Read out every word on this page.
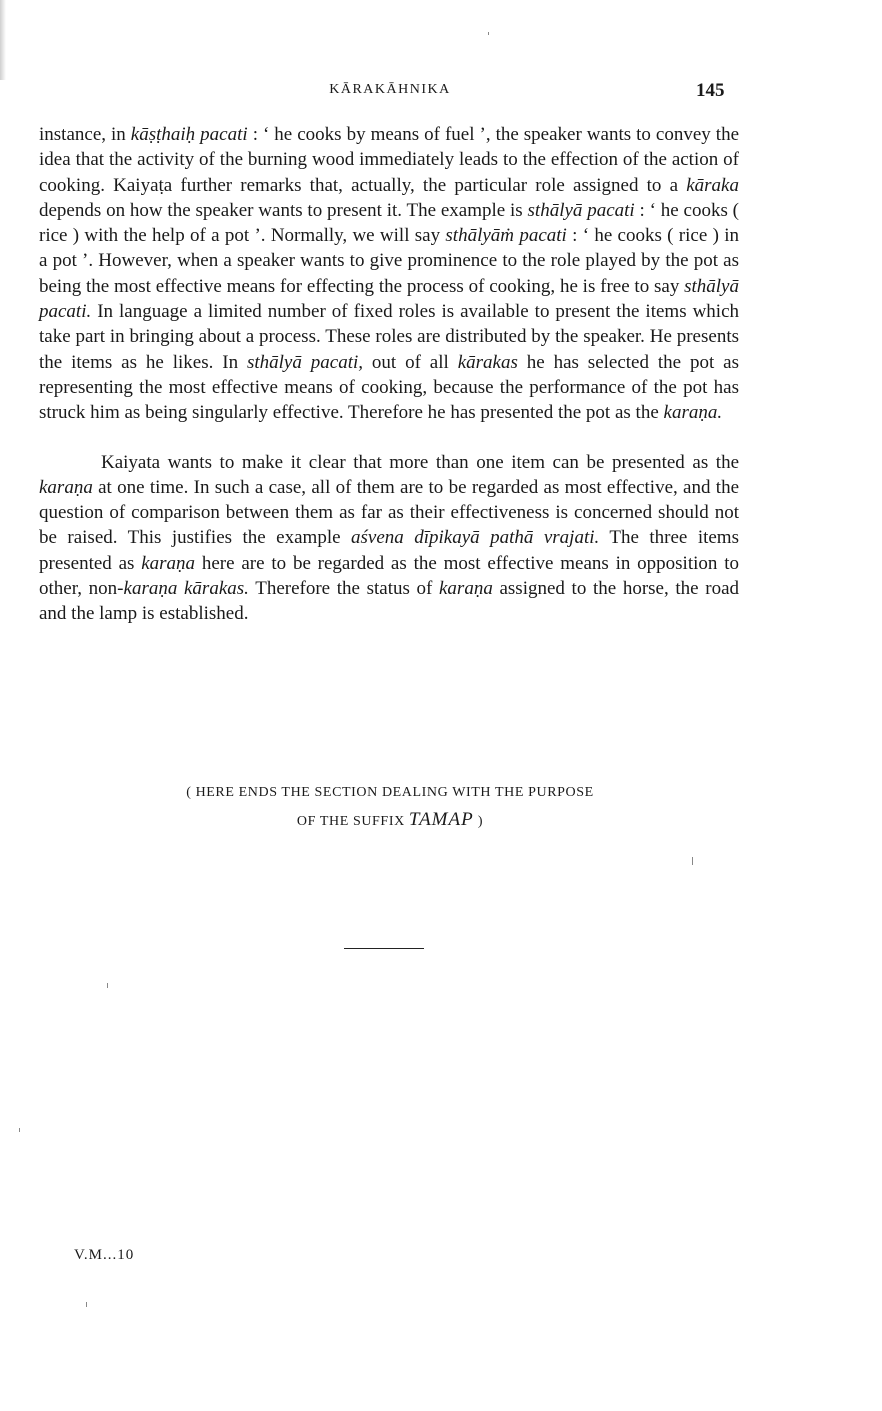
KĀRAKĀHNIKA	145

instance, in kāṣṭhaiḥ pacati : ‘ he cooks by means of fuel ’, the speaker wants to convey the idea that the activity of the burning wood immediately leads to the effection of the action of cooking. Kaiyaṭa further remarks that, actually, the particular role assigned to a kāraka depends on how the speaker wants to present it. The example is sthālyā pacati : ‘ he cooks ( rice ) with the help of a pot ’. Normally, we will say sthālyāṁ pacati : ‘ he cooks ( rice ) in a pot ’. However, when a speaker wants to give prominence to the role played by the pot as being the most effective means for effecting the process of cooking, he is free to say sthālyā pacati. In language a limited number of fixed roles is available to present the items which take part in bringing about a process. These roles are distributed by the speaker. He presents the items as he likes. In sthālyā pacati, out of all kārakas he has selected the pot as representing the most effective means of cooking, because the performance of the pot has struck him as being singularly effective. Therefore he has presented the pot as the karaṇa.

Kaiyata wants to make it clear that more than one item can be presented as the karaṇa at one time. In such a case, all of them are to be regarded as most effective, and the question of comparison between them as far as their effectiveness is concerned should not be raised. This justifies the example aśvena dīpikayā pathā vrajati. The three items presented as karaṇa here are to be regarded as the most effective means in opposition to other, non-karaṇa kārakas. Therefore the status of karaṇa assigned to the horse, the road and the lamp is established.

( HERE ENDS THE SECTION DEALING WITH THE PURPOSE
OF THE SUFFIX TAMAP )
V.M...10
